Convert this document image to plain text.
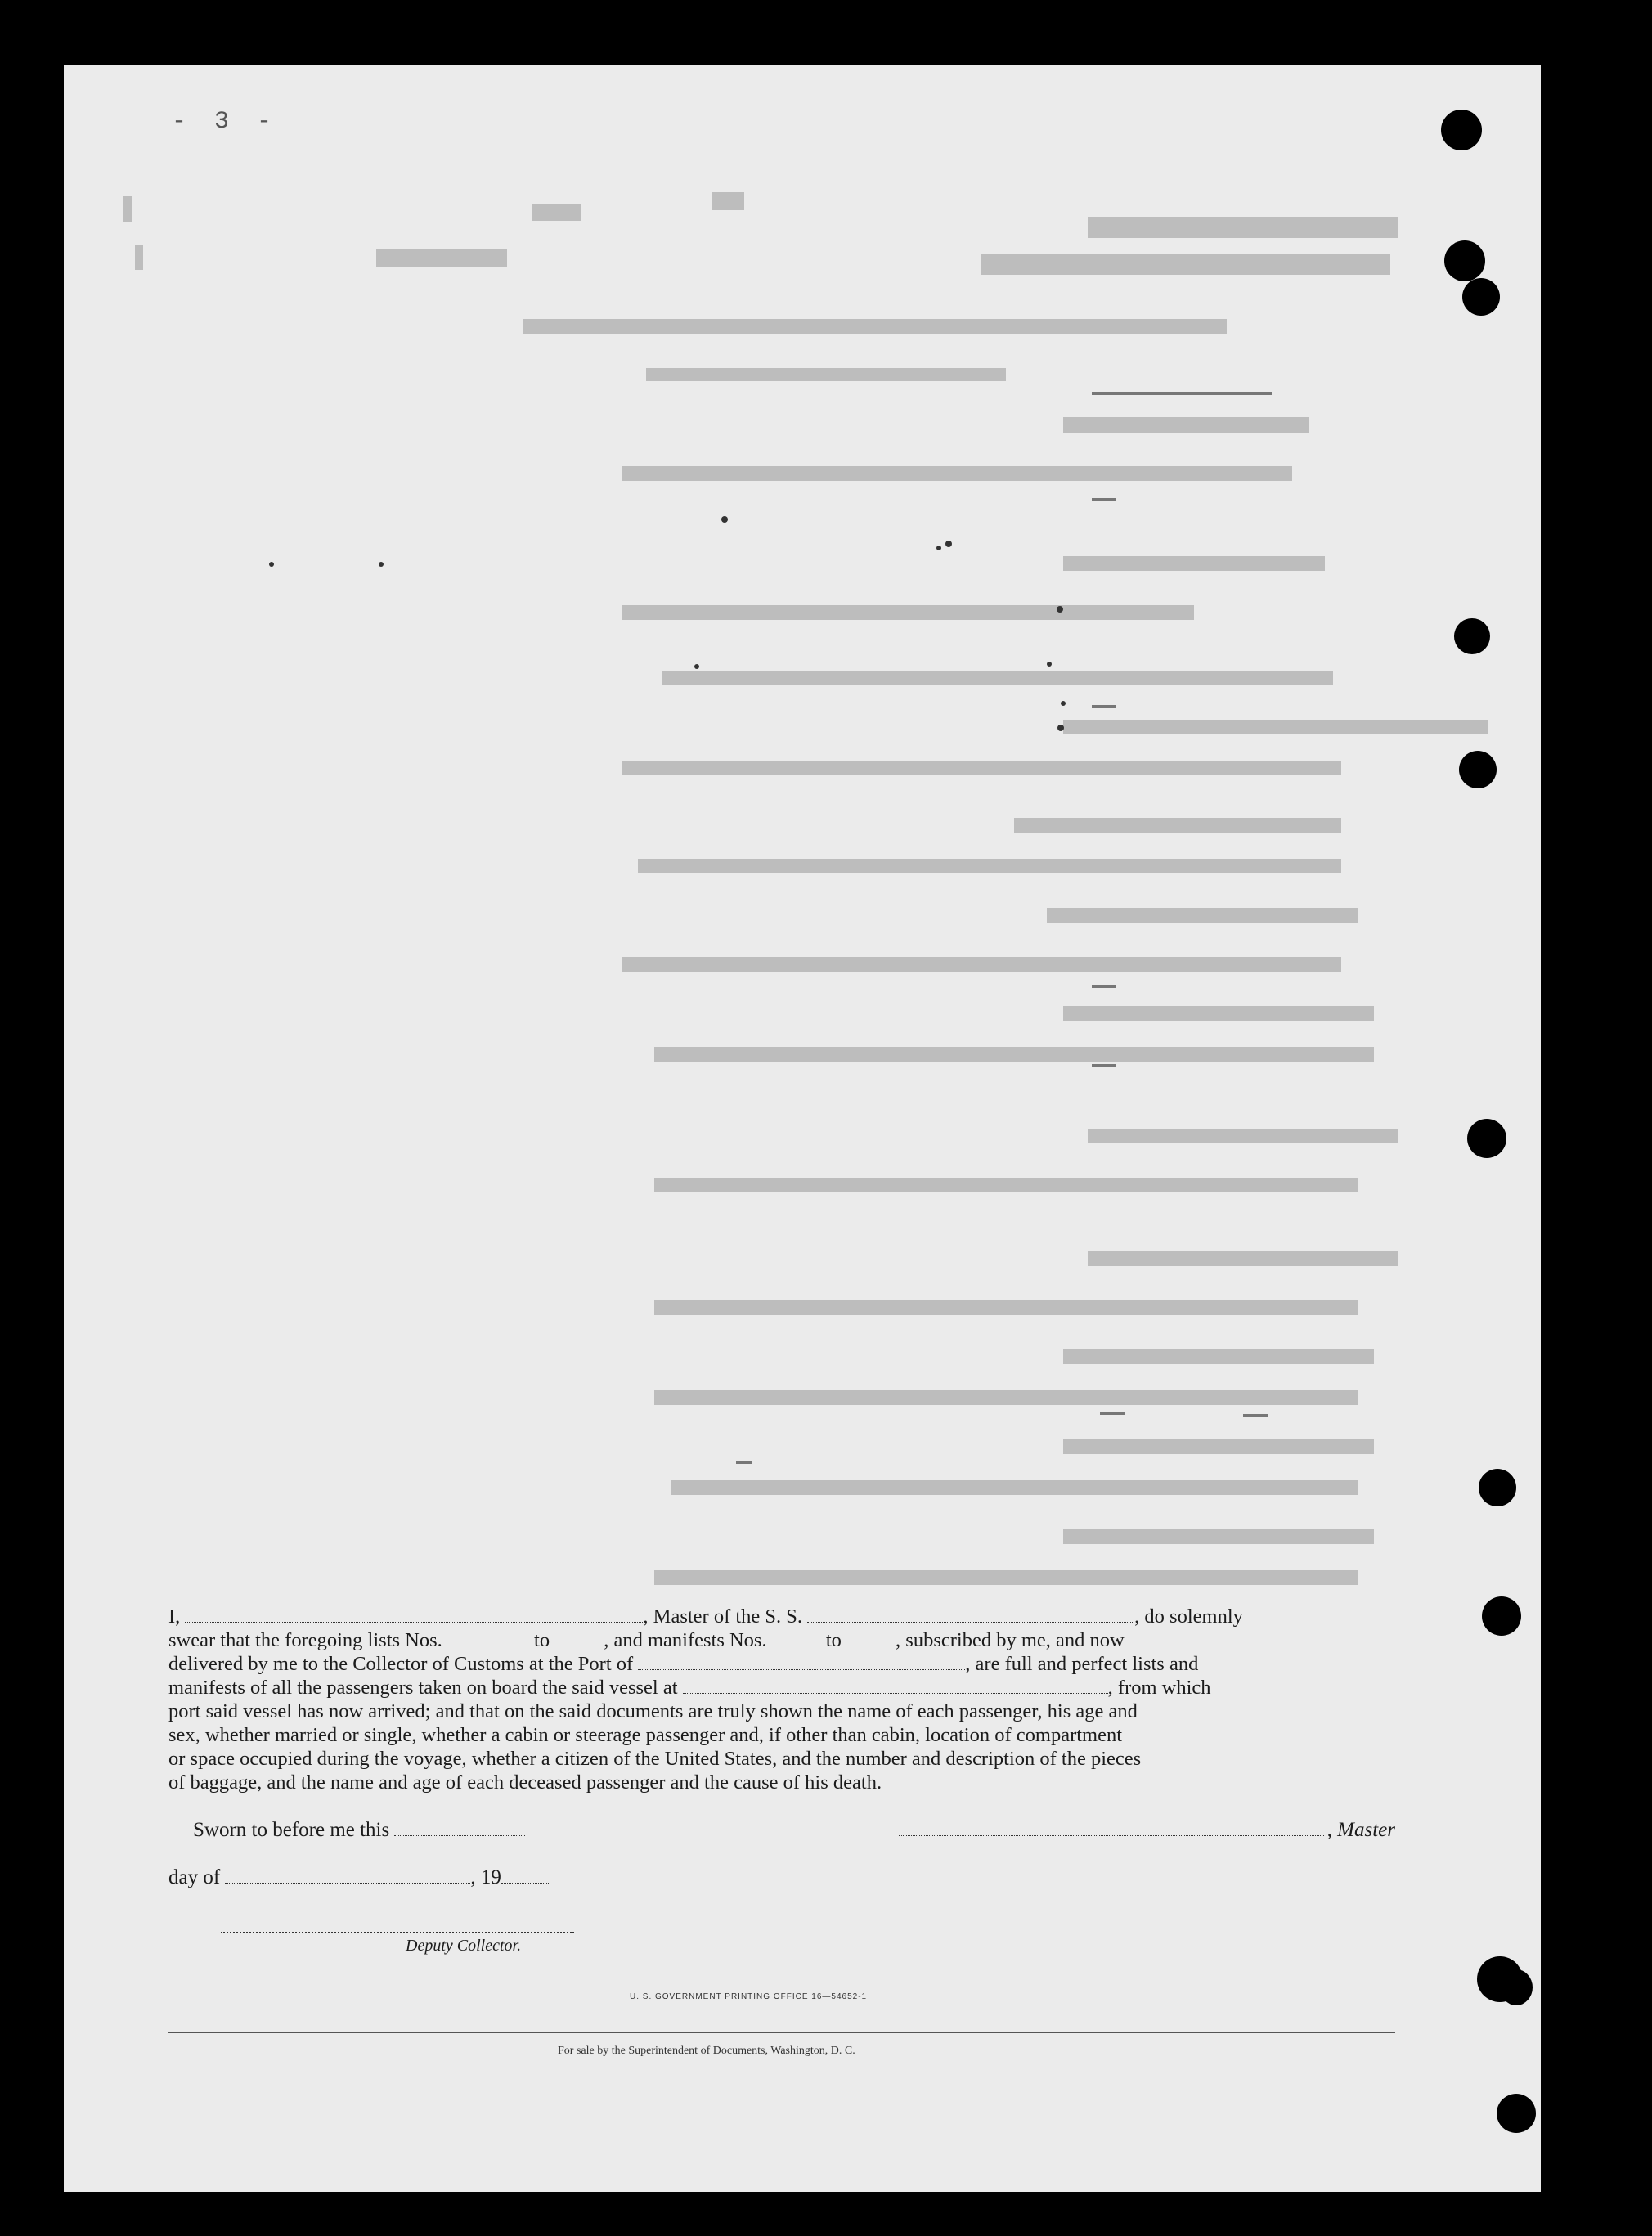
- 3 -

I,	, Master of the S. S.	, do solemnly

swear that the foregoing lists Nos.	to	, and manifests Nos.	to	, subscribed by me, and now

delivered by me to the Collector of Customs at the Port of	, are full and perfect lists and

manifests of all the passengers taken on board the said vessel at	, from which

port said vessel has now arrived; and that on the said documents are truly shown the name of each passenger, his age and

sex, whether married or single, whether a cabin or steerage passenger and, if other than cabin, location of compartment

or space occupied during the voyage, whether a citizen of the United States, and the number and description of the pieces

of baggage, and the name and age of each deceased passenger and the cause of his death.

Sworn to before me this	, Master
day of	, 19
Deputy Collector.
U. S. GOVERNMENT PRINTING OFFICE 16—54652-1
For sale by the Superintendent of Documents, Washington, D. C.
